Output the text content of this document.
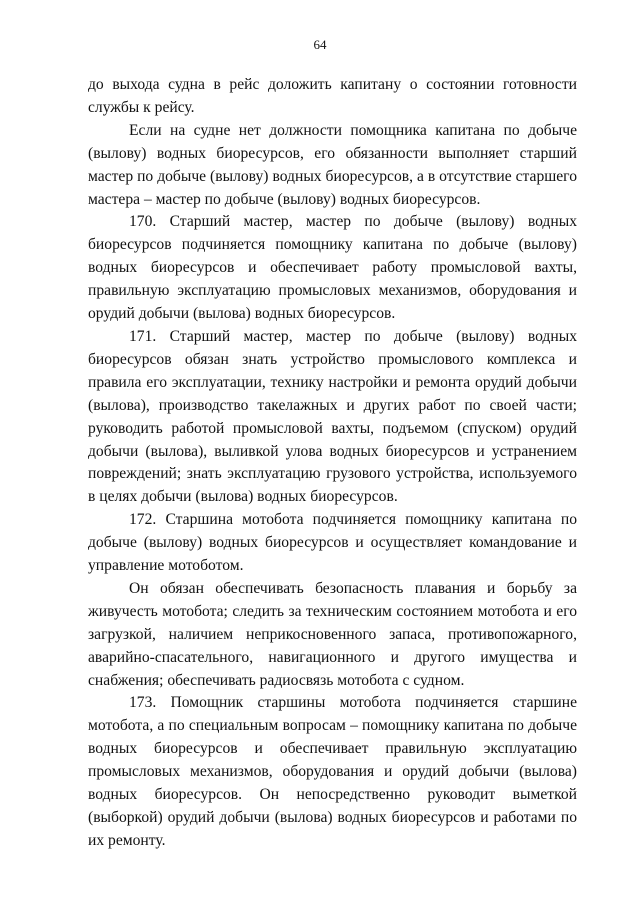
64

до выхода судна в рейс доложить капитану о состоянии готовности службы к рейсу.

Если на судне нет должности помощника капитана по добыче (вылову) водных биоресурсов, его обязанности выполняет старший мастер по добыче (вылову) водных биоресурсов, а в отсутствие старшего мастера – мастер по добыче (вылову) водных биоресурсов.

170. Старший мастер, мастер по добыче (вылову) водных биоресурсов подчиняется помощнику капитана по добыче (вылову) водных биоресурсов и обеспечивает работу промысловой вахты, правильную эксплуатацию промысловых механизмов, оборудования и орудий добычи (вылова) водных биоресурсов.

171. Старший мастер, мастер по добыче (вылову) водных биоресурсов обязан знать устройство промыслового комплекса и правила его эксплуатации, технику настройки и ремонта орудий добычи (вылова), производство такелажных и других работ по своей части; руководить работой промысловой вахты, подъемом (спуском) орудий добычи (вылова), выливкой улова водных биоресурсов и устранением повреждений; знать эксплуатацию грузового устройства, используемого в целях добычи (вылова) водных биоресурсов.

172. Старшина мотобота подчиняется помощнику капитана по добыче (вылову) водных биоресурсов и осуществляет командование и управление мотоботом.

Он обязан обеспечивать безопасность плавания и борьбу за живучесть мотобота; следить за техническим состоянием мотобота и его загрузкой, наличием неприкосновенного запаса, противопожарного, аварийно-спасательного, навигационного и другого имущества и снабжения; обеспечивать радиосвязь мотобота с судном.

173. Помощник старшины мотобота подчиняется старшине мотобота, а по специальным вопросам – помощнику капитана по добыче водных биоресурсов и обеспечивает правильную эксплуатацию промысловых механизмов, оборудования и орудий добычи (вылова) водных биоресурсов. Он непосредственно руководит выметкой (выборкой) орудий добычи (вылова) водных биоресурсов и работами по их ремонту.
